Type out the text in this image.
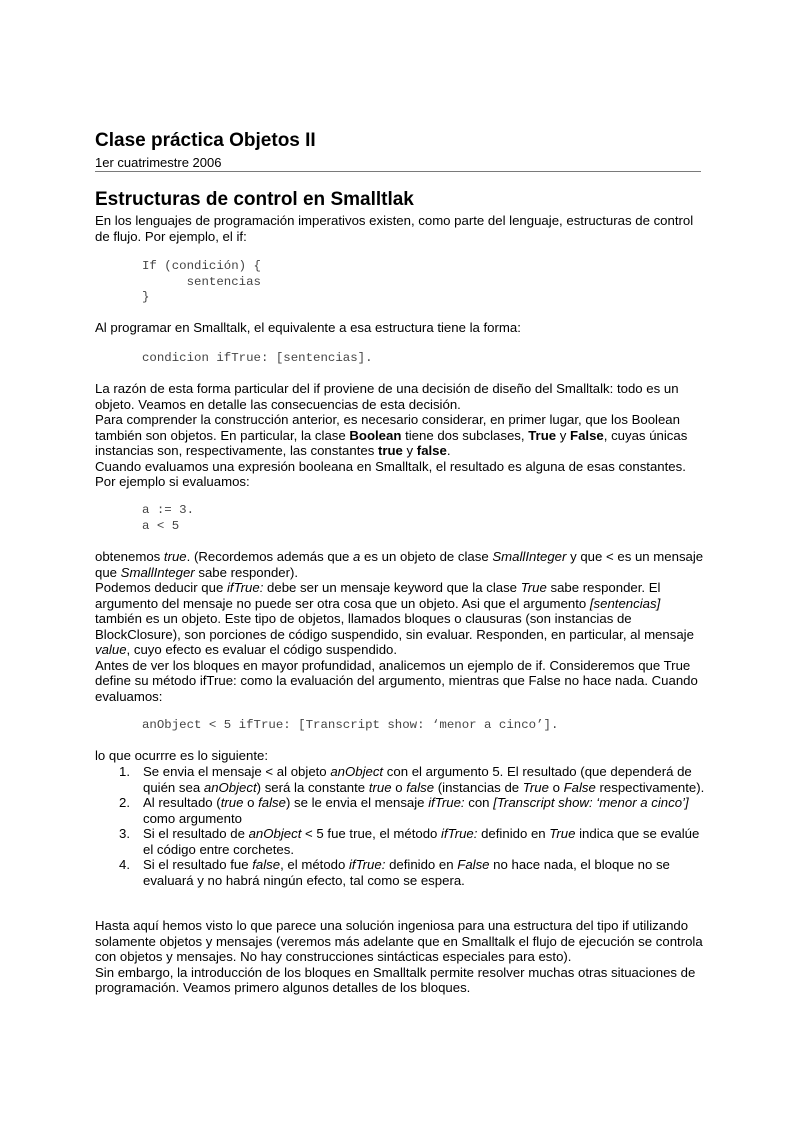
Clase práctica Objetos II
1er cuatrimestre 2006
Estructuras de control en Smalltlak

En los lenguajes de programación imperativos existen, como parte del lenguaje, estructuras de control de flujo. Por ejemplo, el if:

If (condición) {
sentencias
}

Al programar en Smalltalk, el equivalente a esa estructura tiene la forma:

condicion ifTrue: [sentencias].

La razón de esta forma particular del if proviene de una decisión de diseño del Smalltalk: todo es un objeto. Veamos en detalle las consecuencias de esta decisión.

Para comprender la construcción anterior, es necesario considerar, en primer lugar, que los Boolean también son objetos. En particular, la clase Boolean tiene dos subclases, True y False, cuyas únicas instancias son, respectivamente, las constantes true y false.

Cuando evaluamos una expresión booleana en Smalltalk, el resultado es alguna de esas constantes. Por ejemplo si evaluamos:

a := 3.
a < 5

obtenemos true. (Recordemos además que a es un objeto de clase SmallInteger y que < es un mensaje que SmallInteger sabe responder).

Podemos deducir que ifTrue: debe ser un mensaje keyword que la clase True sabe responder. El argumento del mensaje no puede ser otra cosa que un objeto. Asi que el argumento [sentencias] también es un objeto. Este tipo de objetos, llamados bloques o clausuras (son instancias de BlockClosure), son porciones de código suspendido, sin evaluar. Responden, en particular, al mensaje value, cuyo efecto es evaluar el código suspendido.

Antes de ver los bloques en mayor profundidad, analicemos un ejemplo de if. Consideremos que True define su método ifTrue: como la evaluación del argumento, mientras que False no hace nada. Cuando evaluamos:

anObject < 5 ifTrue: [Transcript show: ‘menor a cinco’].

lo que ocurrre es lo siguiente:

1. Se envia el mensaje < al objeto anObject con el argumento 5. El resultado (que dependerá de quién sea anObject) será la constante true o false (instancias de True o False respectivamente).
2. Al resultado (true o false) se le envia el mensaje ifTrue: con [Transcript show: ‘menor a cinco’] como argumento
3. Si el resultado de anObject < 5 fue true, el método ifTrue: definido en True indica que se evalúe el código entre corchetes.
4. Si el resultado fue false, el método ifTrue: definido en False no hace nada, el bloque no se evaluará y no habrá ningún efecto, tal como se espera.

Hasta aquí hemos visto lo que parece una solución ingeniosa para una estructura del tipo if utilizando solamente objetos y mensajes (veremos más adelante que en Smalltalk el flujo de ejecución se controla con objetos y mensajes. No hay construcciones sintácticas especiales para esto).

Sin embargo, la introducción de los bloques en Smalltalk permite resolver muchas otras situaciones de programación. Veamos primero algunos detalles de los bloques.
